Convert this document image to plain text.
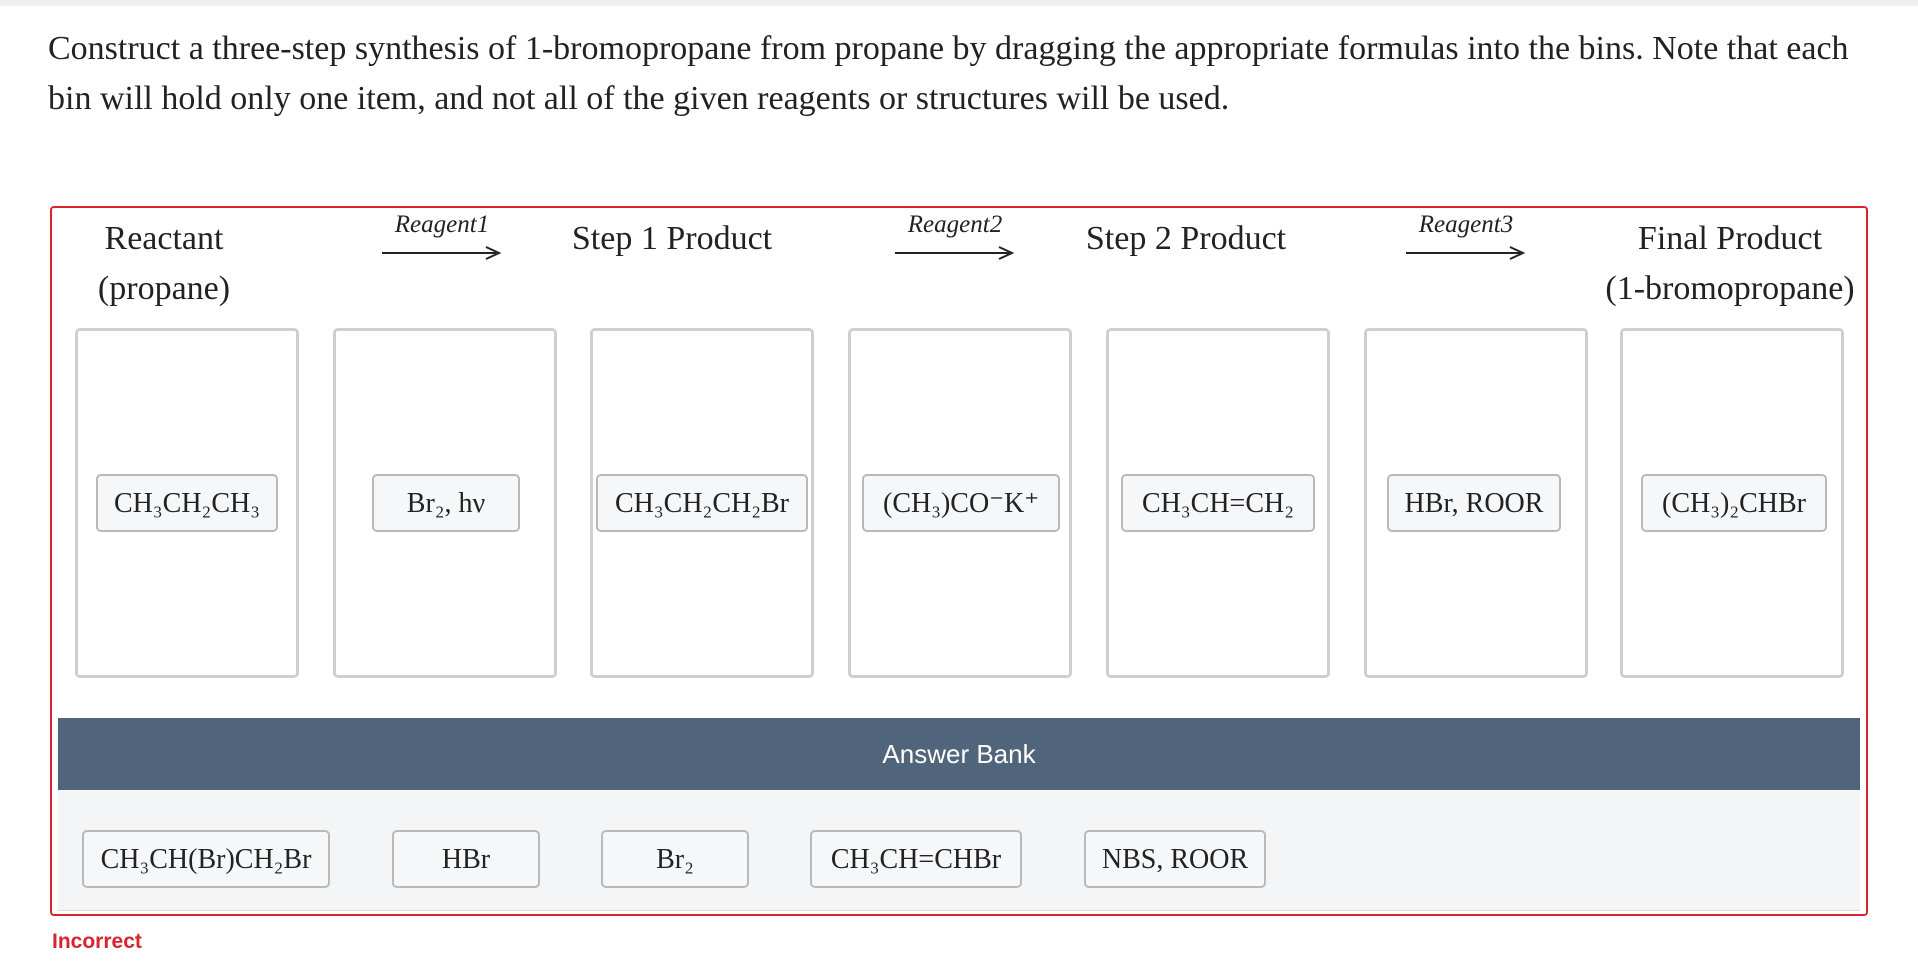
Construct a three-step synthesis of 1-bromopropane from propane by dragging the appropriate formulas into the bins. Note that each bin will hold only one item, and not all of the given reagents or structures will be used.
Reactant
(propane)
Reagent1	Step 1 Product	Reagent2	Step 2 Product	Reagent3	Final Product
(1-bromopropane)
CH₃CH₂CH₃	Br₂, hν	CH₃CH₂CH₂Br	(CH₃)CO⁻K⁺	CH₃CH=CH₂	HBr, ROOR	(CH₃)₂CHBr
Answer Bank
CH₃CH(Br)CH₂Br	HBr	Br₂	CH₃CH=CHBr	NBS, ROOR
Incorrect
